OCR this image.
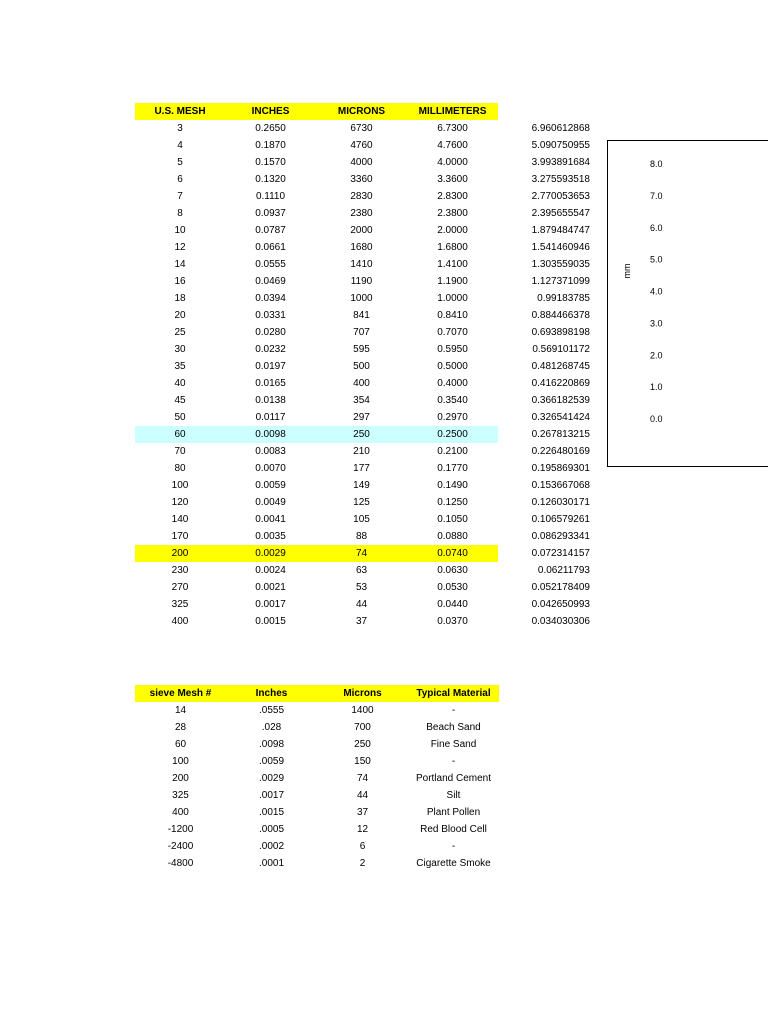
U.S. MESH	INCHES	MICRONS	MILLIMETERS	
3	0.2650	6730	6.7300	6.960612868
4	0.1870	4760	4.7600	5.090750955
5	0.1570	4000	4.0000	3.993891684
6	0.1320	3360	3.3600	3.275593518
7	0.1110	2830	2.8300	2.770053653
8	0.0937	2380	2.3800	2.395655547
10	0.0787	2000	2.0000	1.879484747
12	0.0661	1680	1.6800	1.541460946
14	0.0555	1410	1.4100	1.303559035
16	0.0469	1190	1.1900	1.127371099
18	0.0394	1000	1.0000	0.99183785
20	0.0331	841	0.8410	0.884466378
25	0.0280	707	0.7070	0.693898198
30	0.0232	595	0.5950	0.569101172
35	0.0197	500	0.5000	0.481268745
40	0.0165	400	0.4000	0.416220869
45	0.0138	354	0.3540	0.366182539
50	0.0117	297	0.2970	0.326541424
60	0.0098	250	0.2500	0.267813215
70	0.0083	210	0.2100	0.226480169
80	0.0070	177	0.1770	0.195869301
100	0.0059	149	0.1490	0.153667068
120	0.0049	125	0.1250	0.126030171
140	0.0041	105	0.1050	0.106579261
170	0.0035	88	0.0880	0.086293341
200	0.0029	74	0.0740	0.072314157
230	0.0024	63	0.0630	0.06211793
270	0.0021	53	0.0530	0.052178409
325	0.0017	44	0.0440	0.042650993
400	0.0015	37	0.0370	0.034030306
8.0
7.0
6.0
5.0
4.0
3.0
2.0
1.0
0.0
mm
sieve Mesh #	Inches	Microns	Typical Material
14	.0555	1400	-
28	.028	700	Beach Sand
60	.0098	250	Fine Sand
100	.0059	150	-
200	.0029	74	Portland Cement
325	.0017	44	Silt
400	.0015	37	Plant Pollen
-1200	.0005	12	Red Blood Cell
-2400	.0002	6	-
-4800	.0001	2	Cigarette Smoke
